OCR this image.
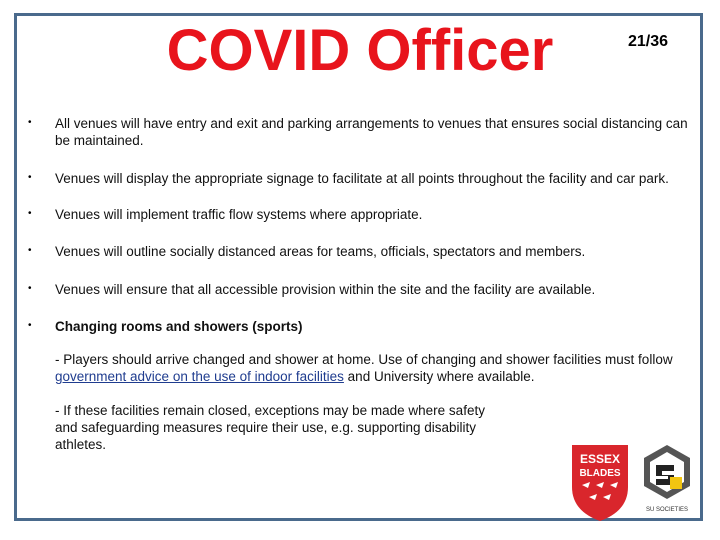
COVID Officer	21/36
• All venues will have entry and exit and parking arrangements to venues that ensures social distancing can be maintained.
• Venues will display the appropriate signage to facilitate at all points throughout the facility and car park.
• Venues will implement traffic flow systems where appropriate.
• Venues will outline socially distanced areas for teams, officials, spectators and members.
• Venues will ensure that all accessible provision within the site and the facility are available.
• Changing rooms and showers (sports)
- Players should arrive changed and shower at home. Use of changing and shower facilities must follow government advice on the use of indoor facilities and University where available.
- If these facilities remain closed, exceptions may be made where safety and safeguarding measures require their use, e.g. supporting disability athletes.
ESSEX
BLADES
SU SOCIETIES
